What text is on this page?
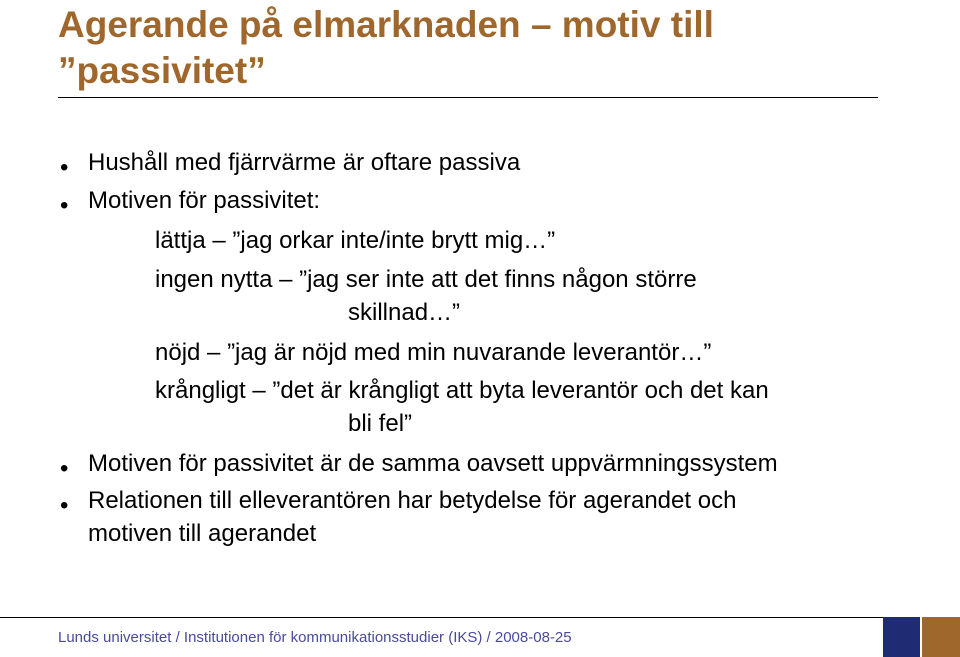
Agerande på elmarknaden – motiv till ”passivitet”
• Hushåll med fjärrvärme är oftare passiva
• Motiven för passivitet:
lättja – ”jag orkar inte/inte brytt mig…”
ingen nytta – ”jag ser inte att det finns någon större
skillnad…”
nöjd – ”jag är nöjd med min nuvarande leverantör…”
krångligt – ”det är krångligt att byta leverantör och det kan
bli fel”
• Motiven för passivitet är de samma oavsett uppvärmningssystem
• Relationen till elleverantören har betydelse för agerandet och
motiven till agerandet
Lunds universitet / Institutionen för kommunikationsstudier (IKS) / 2008-08-25
